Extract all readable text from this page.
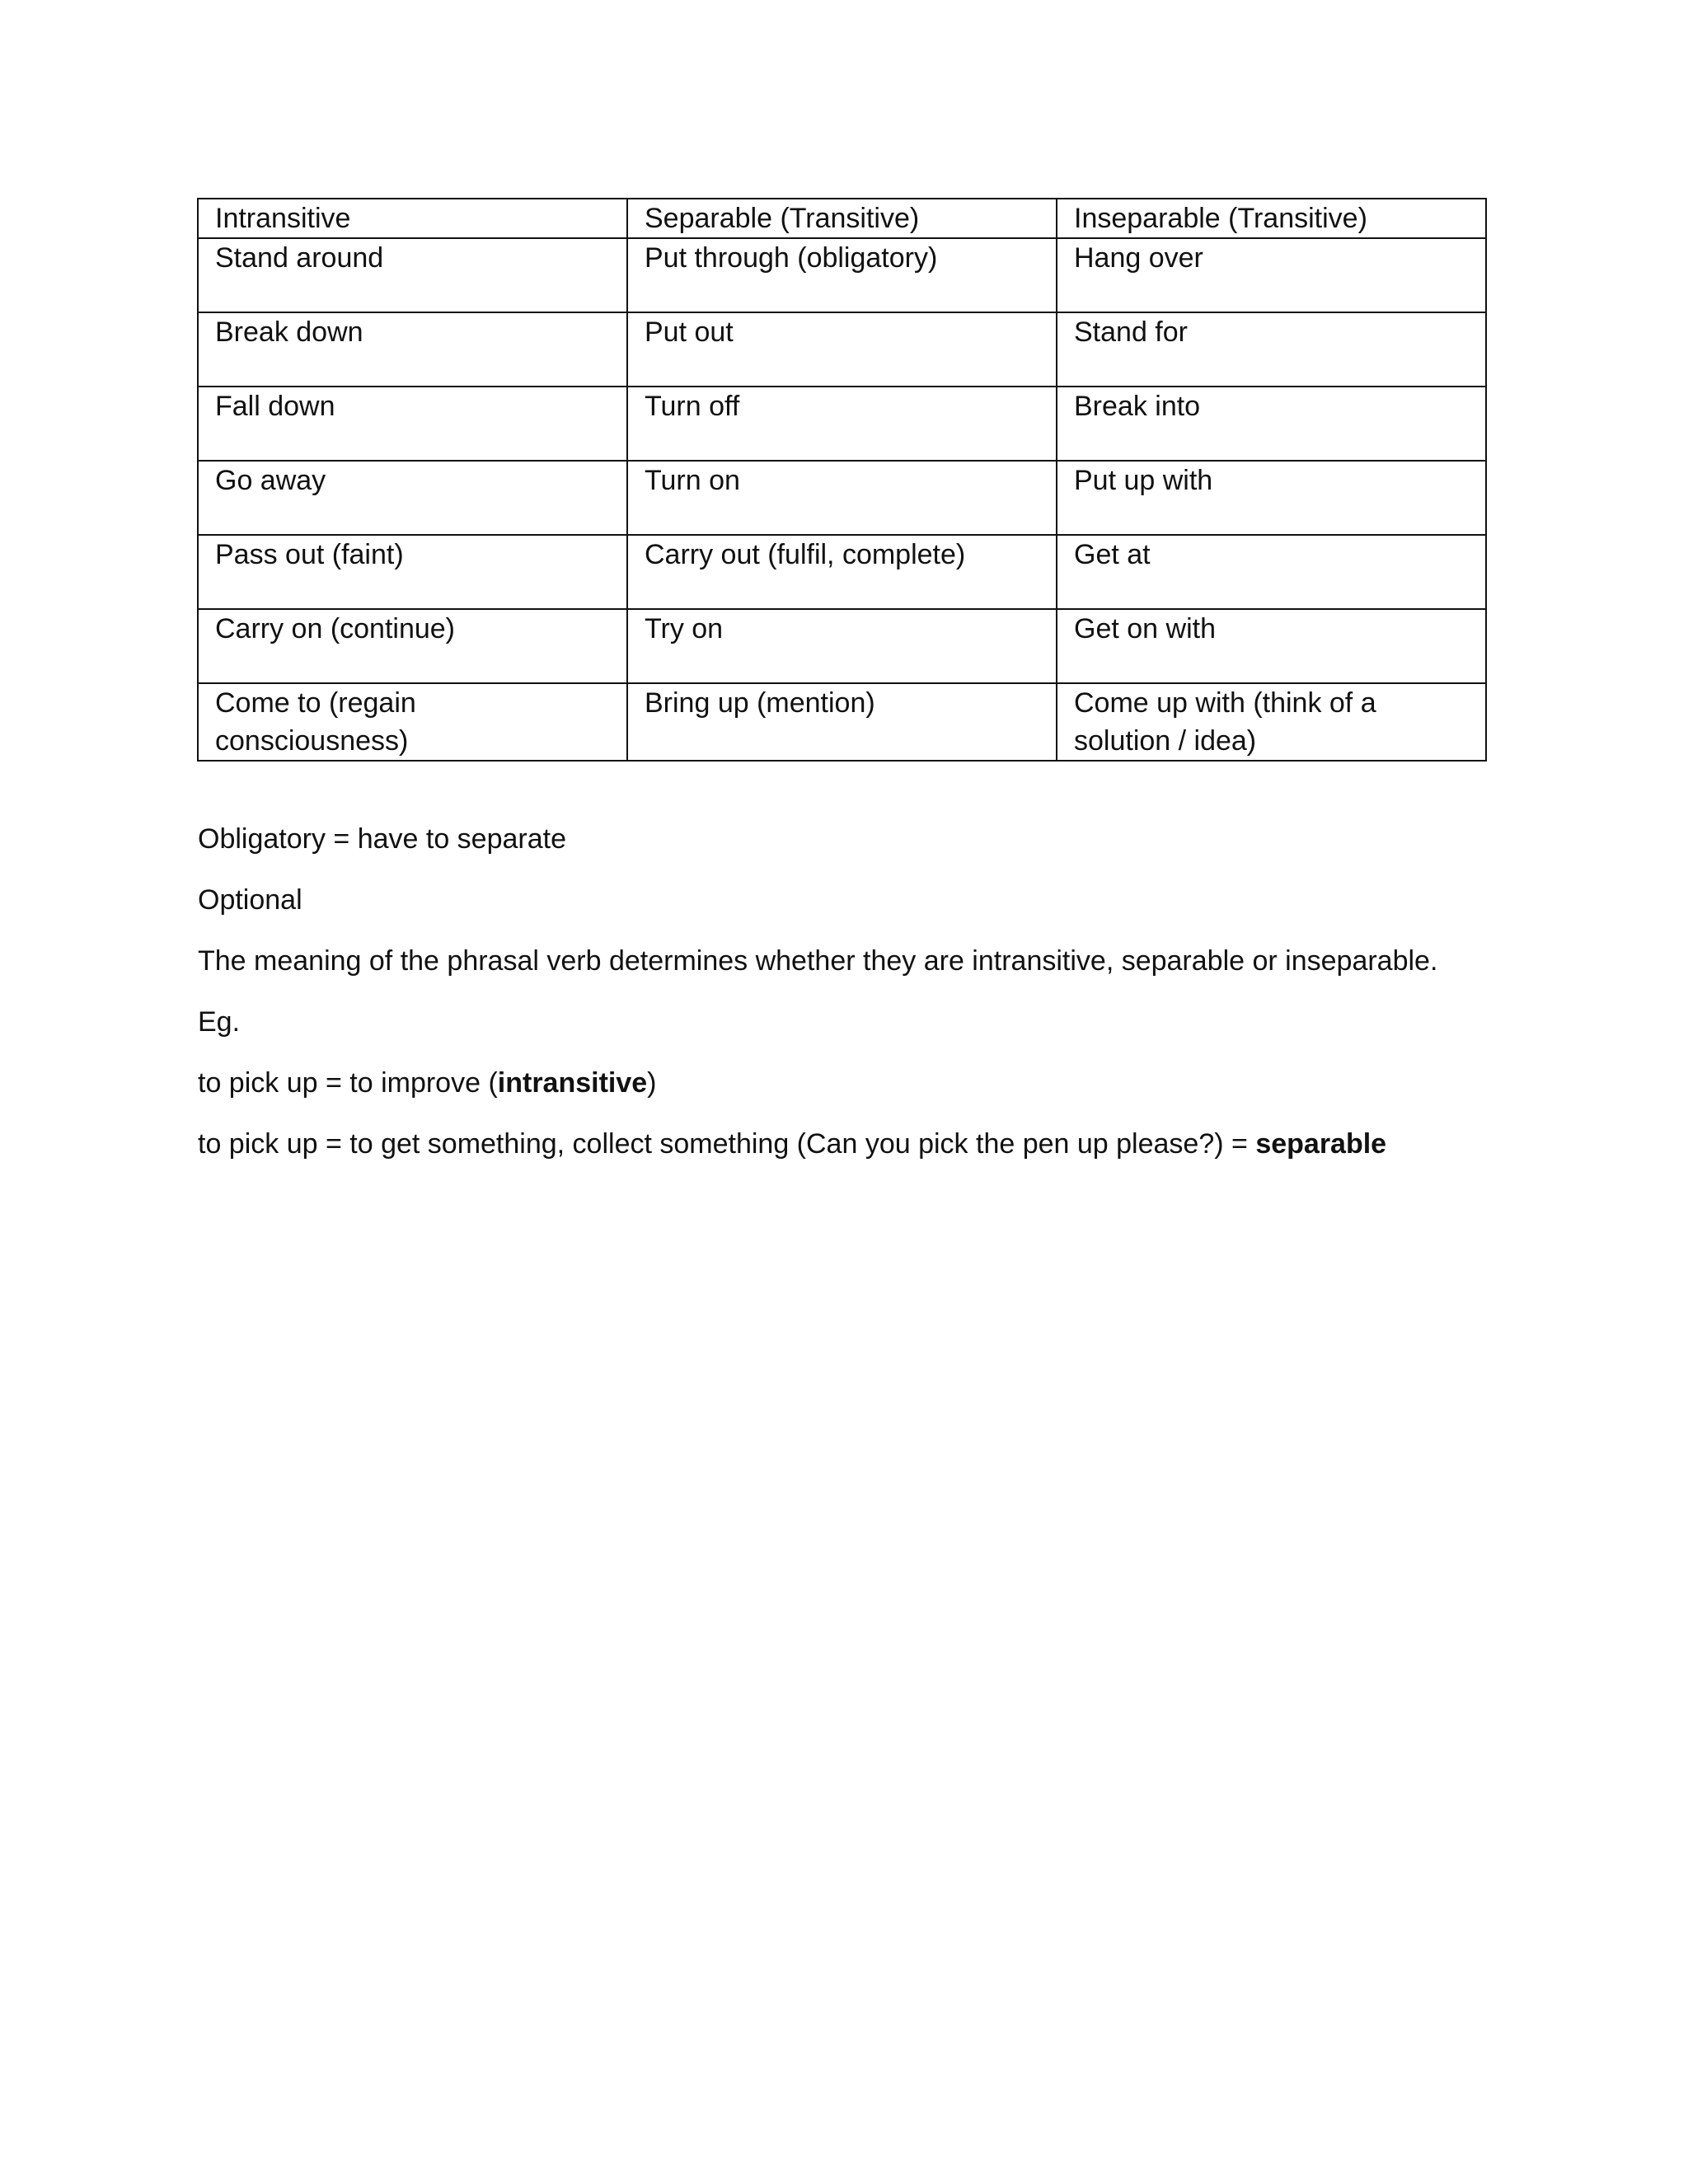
Intransitive	Separable (Transitive)	Inseparable (Transitive)
Stand around	Put through (obligatory)	Hang over
Break down	Put out	Stand for
Fall down	Turn off	Break into
Go away	Turn on	Put up with
Pass out (faint)	Carry out (fulfil, complete)	Get at
Carry on (continue)	Try on	Get on with
Come to (regain consciousness)	Bring up (mention)	Come up with (think of a solution / idea)

Obligatory = have to separate

Optional

The meaning of the phrasal verb determines whether they are intransitive, separable or inseparable.

Eg.

to pick up = to improve (intransitive)

to pick up = to get something, collect something (Can you pick the pen up please?) = separable
